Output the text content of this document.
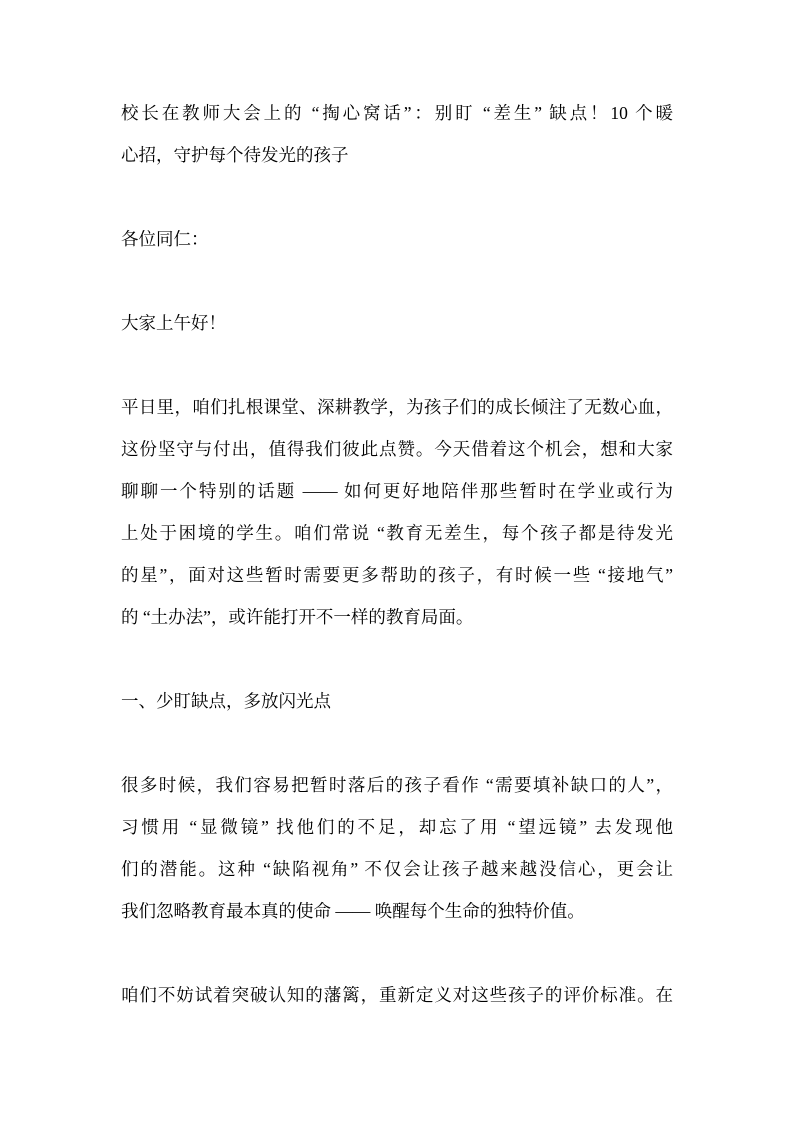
校长在教师大会上的 “掏心窝话”：别盯 “差生” 缺点！10 个暖
心招，守护每个待发光的孩子
各位同仁：
大家上午好！
平日里，咱们扎根课堂、深耕教学，为孩子们的成长倾注了无数心血，
这份坚守与付出，值得我们彼此点赞。今天借着这个机会，想和大家
聊聊一个特别的话题 —— 如何更好地陪伴那些暂时在学业或行为
上处于困境的学生。咱们常说 “教育无差生，每个孩子都是待发光
的星”，面对这些暂时需要更多帮助的孩子，有时候一些 “接地气”
的 “土办法”，或许能打开不一样的教育局面。
一、少盯缺点，多放闪光点
很多时候，我们容易把暂时落后的孩子看作 “需要填补缺口的人”，
习惯用 “显微镜” 找他们的不足，却忘了用 “望远镜” 去发现他
们的潜能。这种 “缺陷视角” 不仅会让孩子越来越没信心，更会让
我们忽略教育最本真的使命 —— 唤醒每个生命的独特价值。
咱们不妨试着突破认知的藩篱，重新定义对这些孩子的评价标准。在
